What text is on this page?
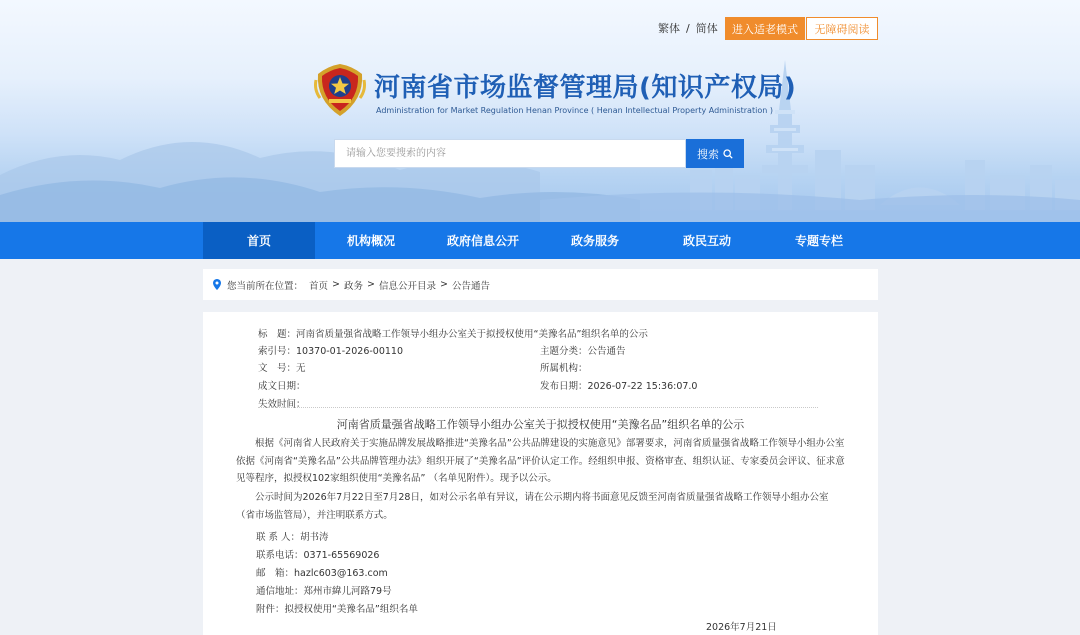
繁体 / 简体	进入适老模式	无障碍阅读
河南省市场监督管理局(知识产权局)
Administration for Market Regulation Henan Province ( Henan Intellectual Property Administration )
请输入您要搜索的内容
搜索
首页	机构概况	政府信息公开	政务服务	政民互动	专题专栏
您当前所在位置： 首页 > 政务 > 信息公开目录 > 公告通告
标　题：河南省质量强省战略工作领导小组办公室关于拟授权使用“美豫名品”组织名单的公示
索引号：10370-01-2026-00110	主题分类：公告通告
文　号：无	所属机构：
成文日期：	发布日期：2026-07-22 15:36:07.0
失效时间：
河南省质量强省战略工作领导小组办公室关于拟授权使用“美豫名品”组织名单的公示
　　根据《河南省人民政府关于实施品牌发展战略推进“美豫名品”公共品牌建设的实施意见》部署要求，河南省质量强省战略工作领导小组办公室依据《河南省“美豫名品”公共品牌管理办法》组织开展了“美豫名品”评价认定工作。经组织申报、资格审查、组织认证、专家委员会评议、征求意见等程序，拟授权102家组织使用“美豫名品” （名单见附件）。现予以公示。
　　公示时间为2026年7月22日至7月28日，如对公示名单有异议，请在公示期内将书面意见反馈至河南省质量强省战略工作领导小组办公室（省市场监管局），并注明联系方式。
联 系 人：胡书涛
联系电话：0371-65569026
邮　箱：hazlc603@163.com
通信地址：郑州市緯儿河路79号
附件：拟授权使用“美豫名品”组织名单
2026年7月21日
